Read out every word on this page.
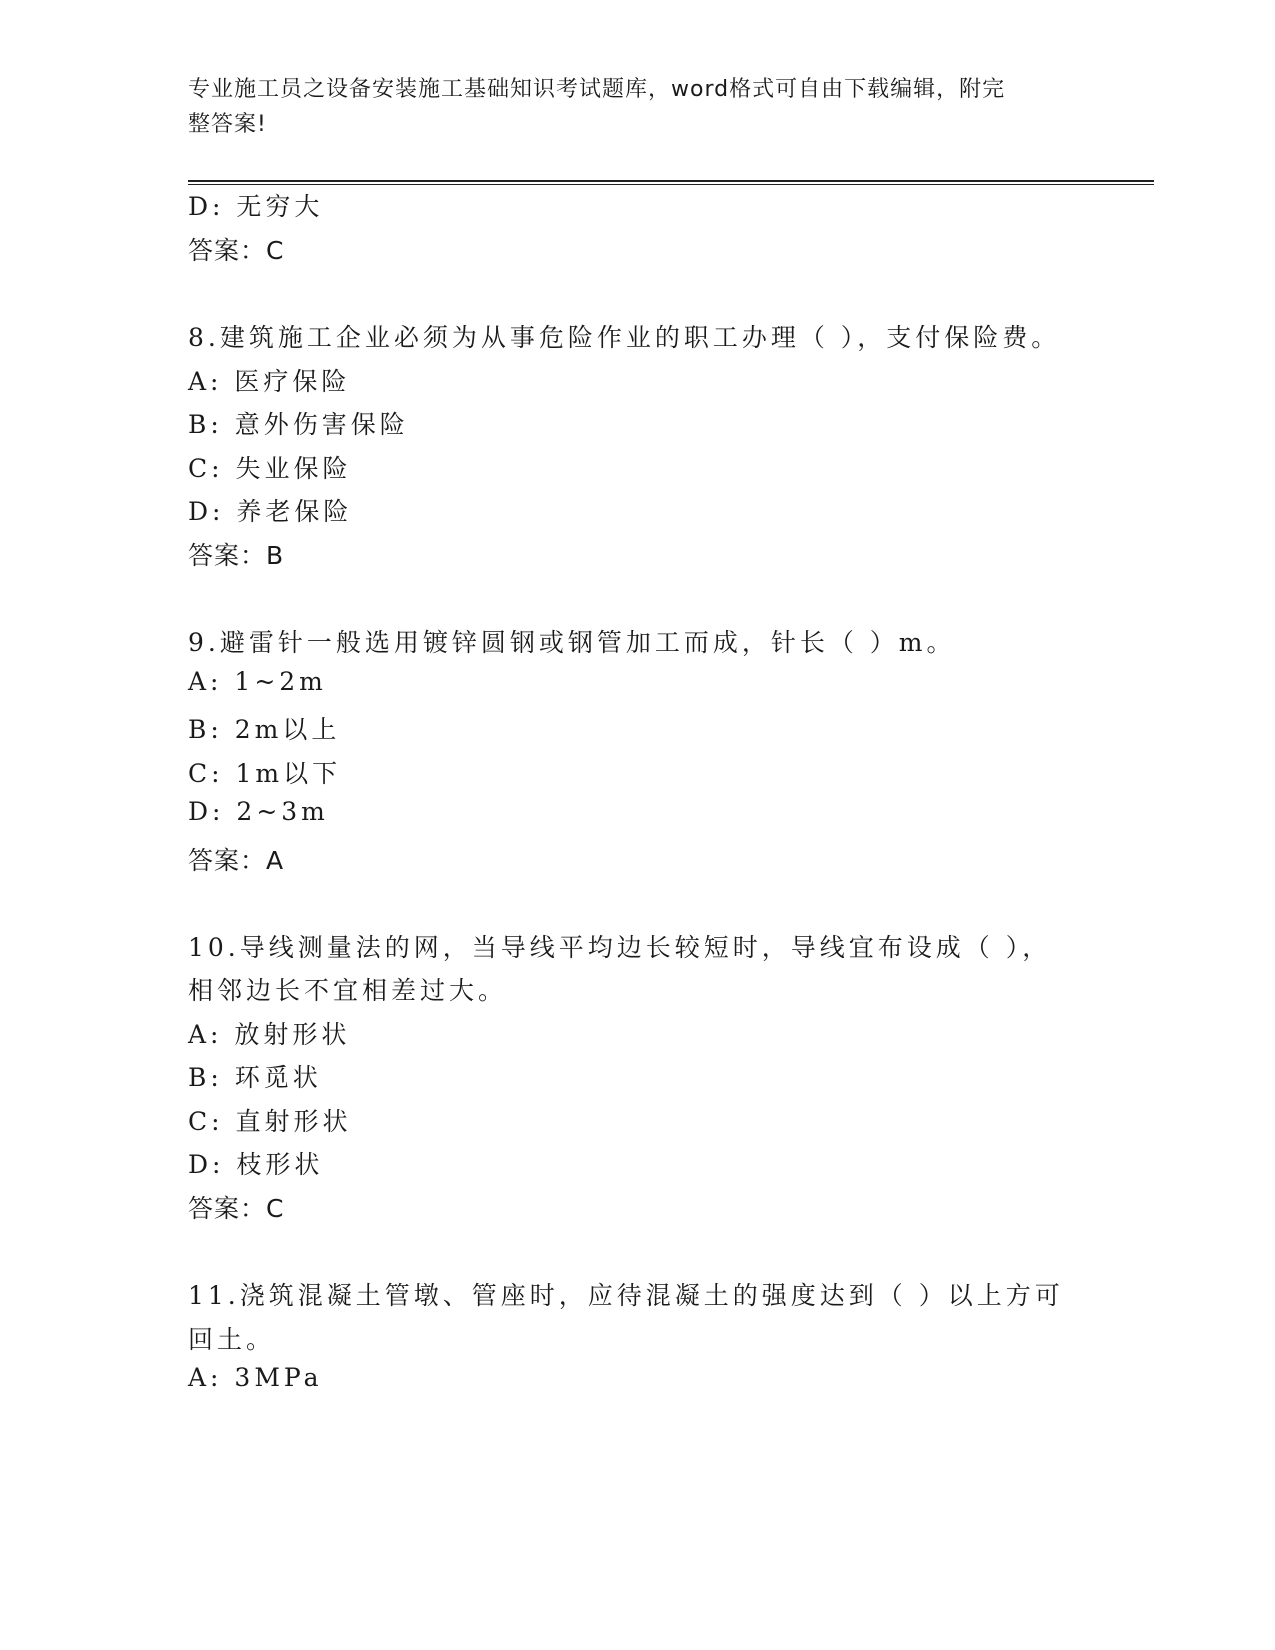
专业施工员之设备安装施工基础知识考试题库，word格式可自由下载编辑，附完
整答案!
D: 无穷大
答案：C
8.建筑施工企业必须为从事危险作业的职工办理（ ），支付保险费。
A: 医疗保险
B: 意外伤害保险
C: 失业保险
D: 养老保险
答案：B
9.避雷针一般选用镀锌圆钢或钢管加工而成，针长（ ）m。
A: 1~2m
B: 2m以上
C: 1m以下
D: 2~3m
答案：A
10.导线测量法的网，当导线平均边长较短时，导线宜布设成（ ），
相邻边长不宜相差过大。
A: 放射形状
B: 环觅状
C: 直射形状
D: 枝形状
答案：C
11.浇筑混凝土管墩、管座时，应待混凝土的强度达到（ ）以上方可
回土。
A: 3MPa
